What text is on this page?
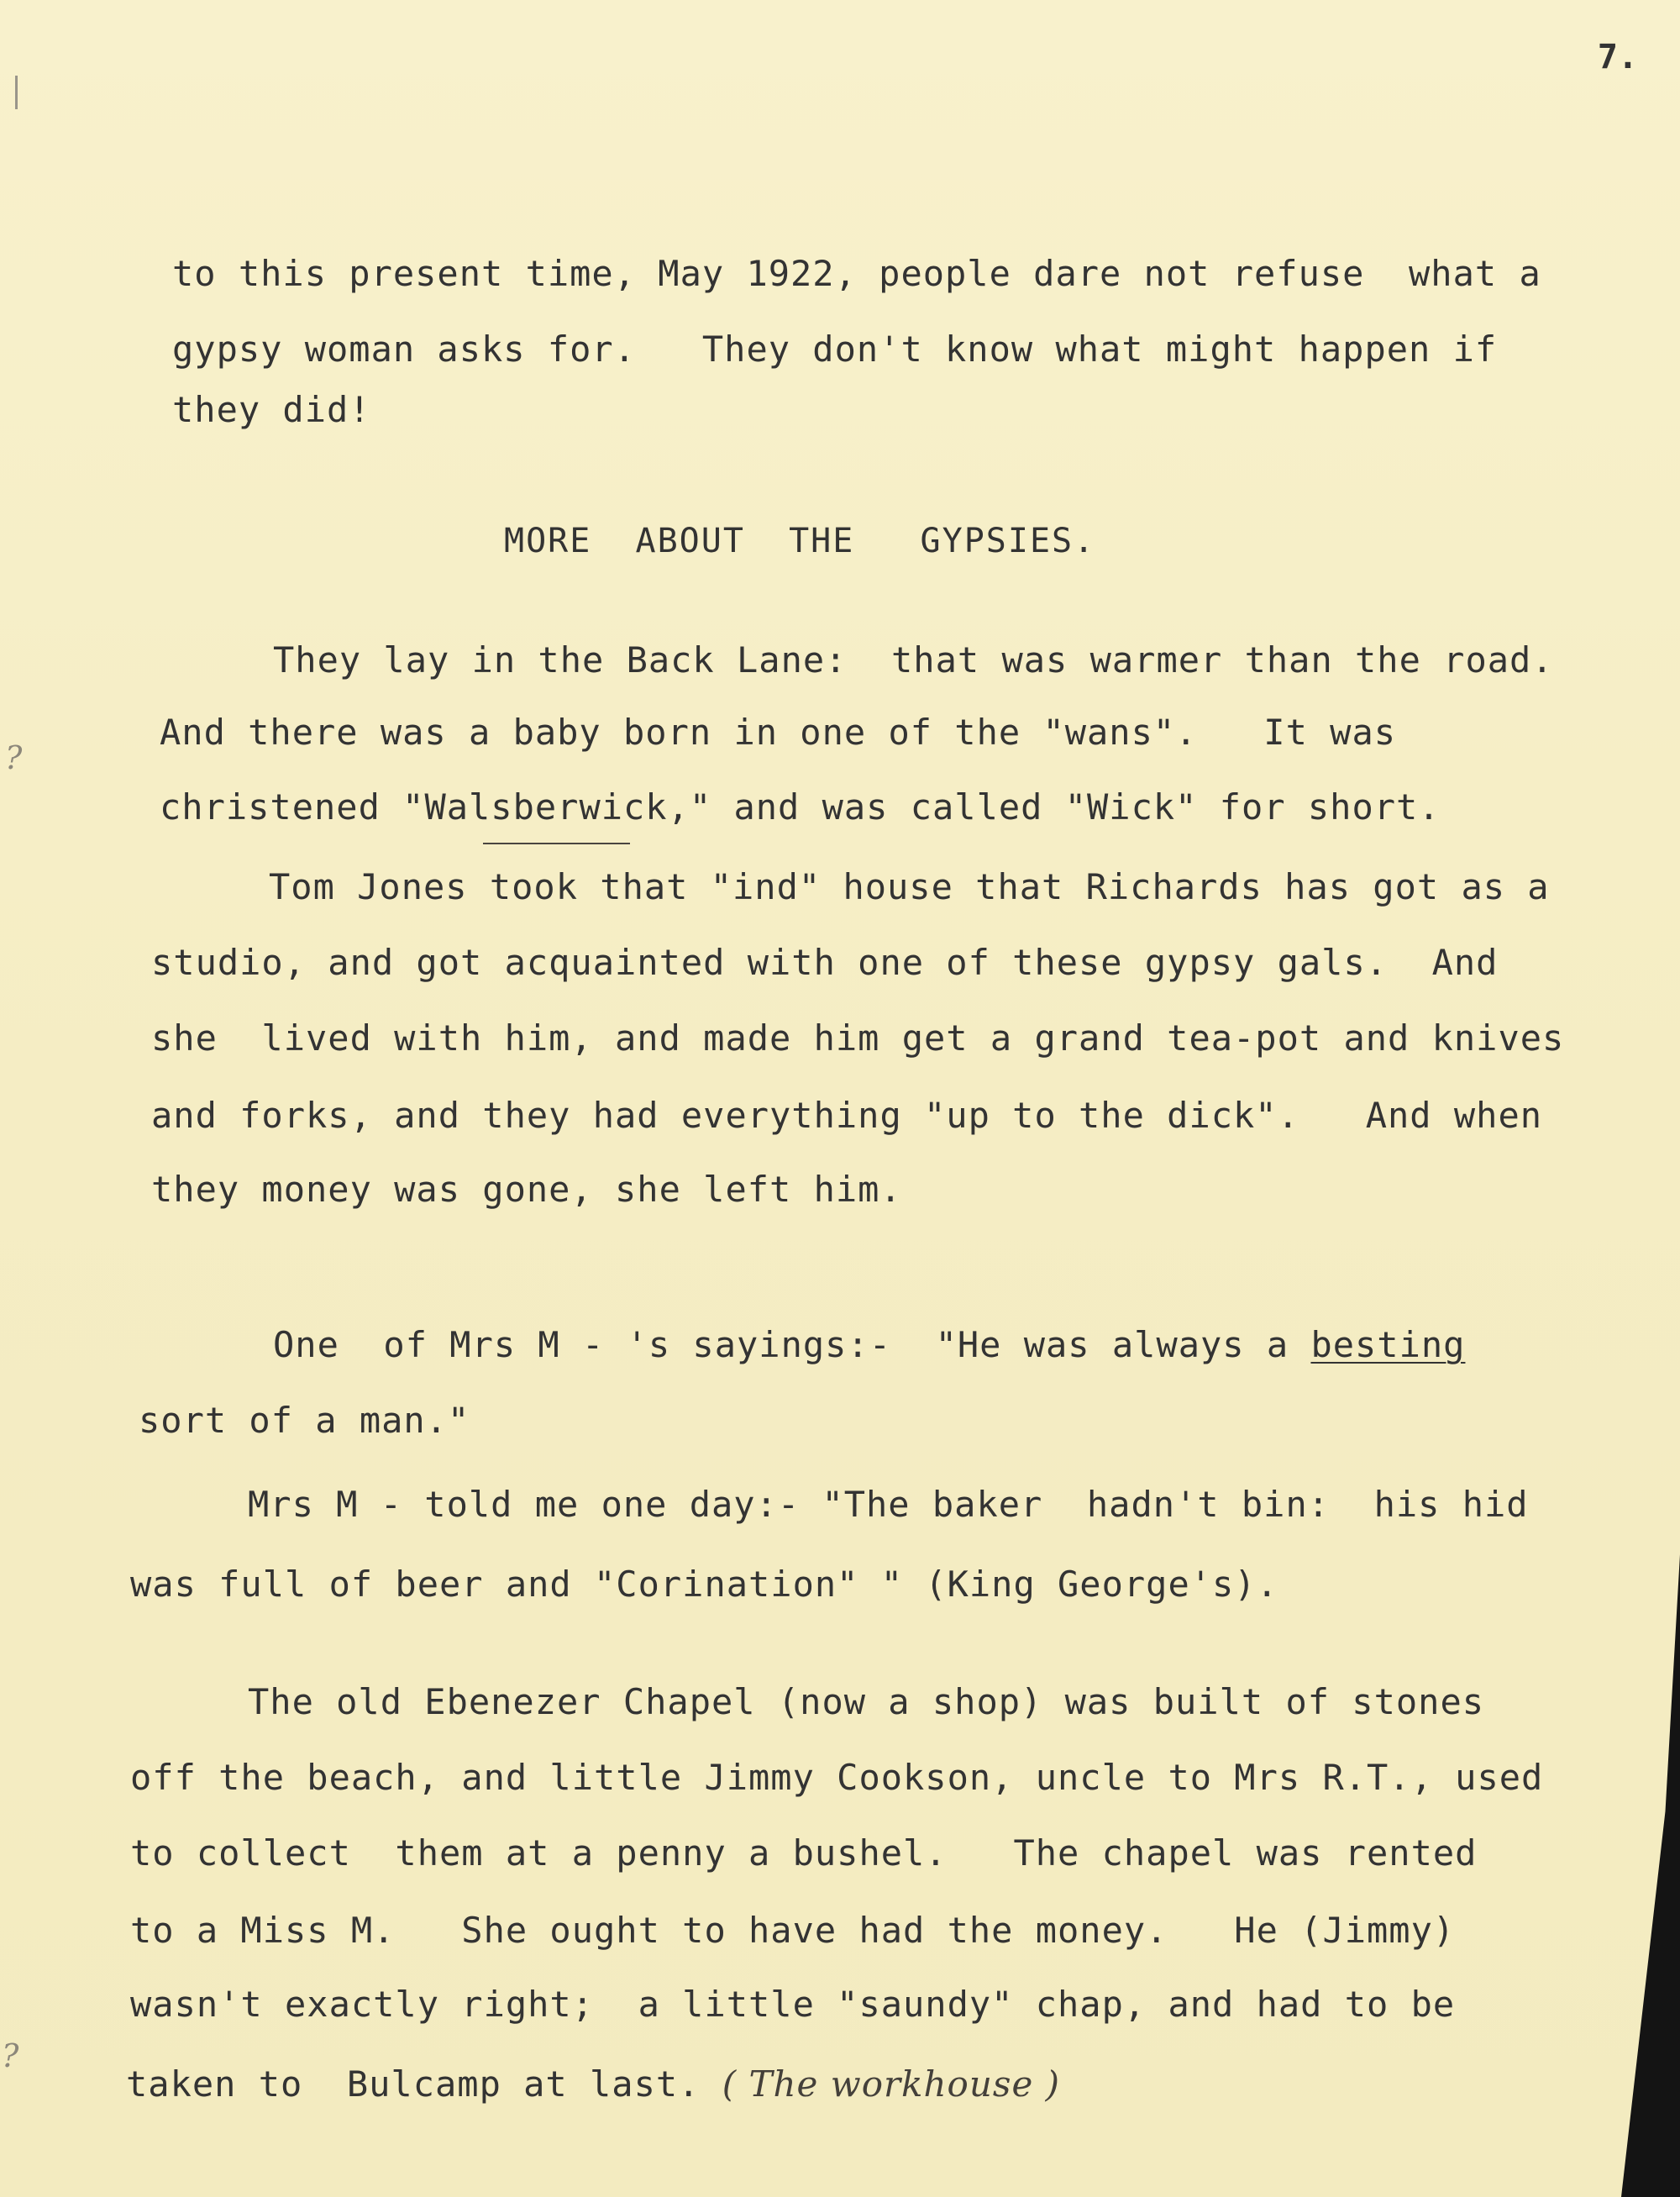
?
?
7.
to this present time, May 1922, people dare not refuse  what a
gypsy woman asks for.   They don't know what might happen if
they did!
MORE  ABOUT  THE   GYPSIES.
They lay in the Back Lane:  that was warmer than the road.
And there was a baby born in one of the "wans".   It was
christened "Walsberwick," and was called "Wick" for short.
Tom Jones took that "ind" house that Richards has got as a
studio, and got acquainted with one of these gypsy gals.  And
she  lived with him, and made him get a grand tea-pot and knives
and forks, and they had everything "up to the dick".   And when
they money was gone, she left him.
One  of Mrs M - 's sayings:-  "He was always a besting
sort of a man."
Mrs M - told me one day:- "The baker  hadn't bin:  his hid
was full of beer and "Corination" " (King George's).
The old Ebenezer Chapel (now a shop) was built of stones
off the beach, and little Jimmy Cookson, uncle to Mrs R.T., used
to collect  them at a penny a bushel.   The chapel was rented
to a Miss M.   She ought to have had the money.   He (Jimmy)
wasn't exactly right;  a little "saundy" chap, and had to be
taken to  Bulcamp at last. ( The workhouse )
